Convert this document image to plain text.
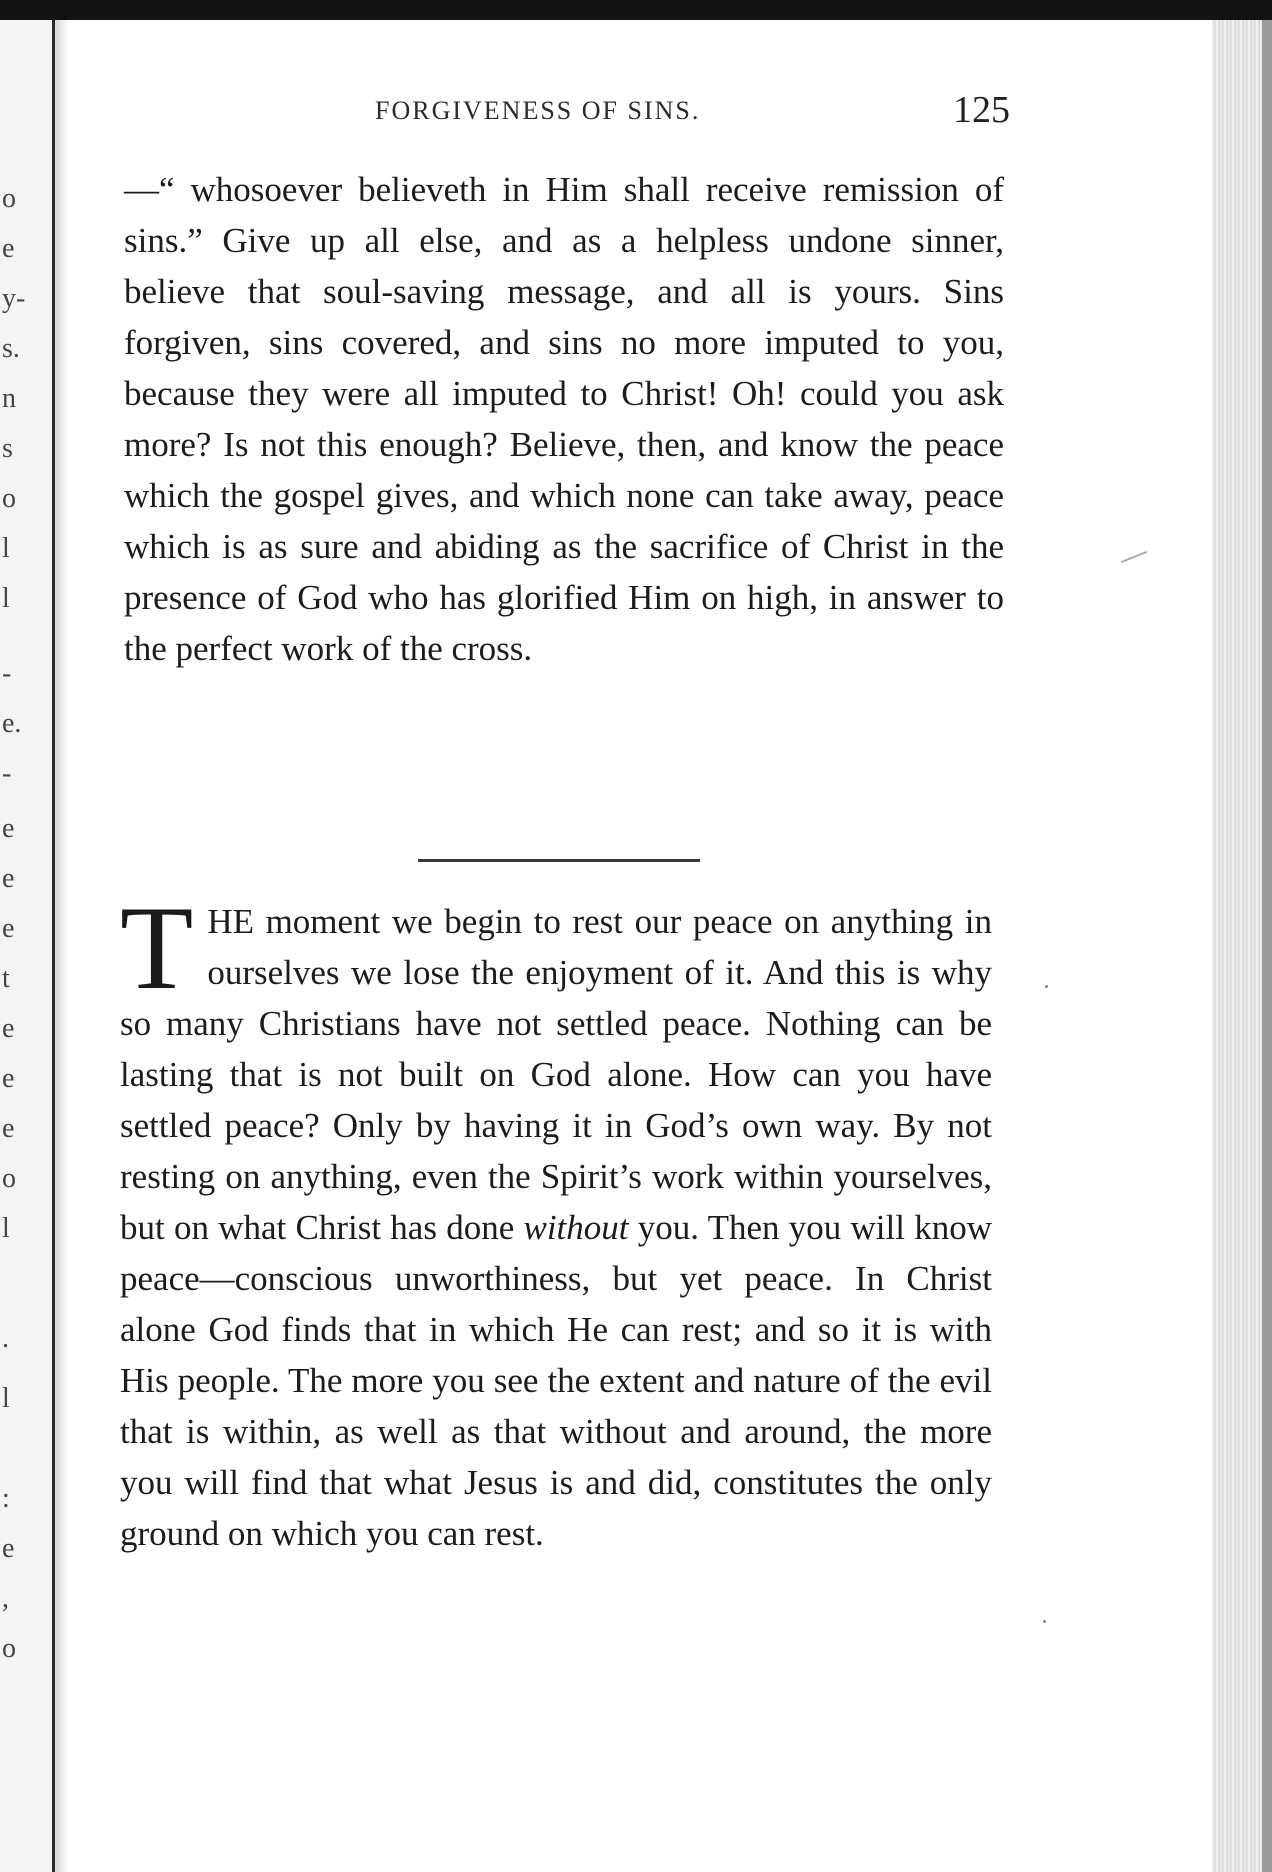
o
e
y-
s.
n
s
o
l
l
-
e.
-
e
e
e
t
e
e
e
o
l
.
l
:
e
,
o
FORGIVENESS OF SINS.	125

—“ whosoever believeth in Him shall receive remission of sins.” Give up all else, and as a helpless undone sinner, believe that soul-saving message, and all is yours. Sins forgiven, sins covered, and sins no more imputed to you, because they were all imputed to Christ! Oh! could you ask more? Is not this enough? Believe, then, and know the peace which the gospel gives, and which none can take away, peace which is as sure and abiding as the sacrifice of Christ in the presence of God who has glorified Him on high, in answer to the perfect work of the cross.

THE moment we begin to rest our peace on anything in ourselves we lose the enjoyment of it. And this is why so many Christians have not settled peace. Nothing can be lasting that is not built on God alone. How can you have settled peace? Only by having it in God’s own way. By not resting on anything, even the Spirit’s work within yourselves, but on what Christ has done without you. Then you will know peace—conscious unworthiness, but yet peace. In Christ alone God finds that in which He can rest; and so it is with His people. The more you see the extent and nature of the evil that is within, as well as that without and around, the more you will find that what Jesus is and did, constitutes the only ground on which you can rest.
